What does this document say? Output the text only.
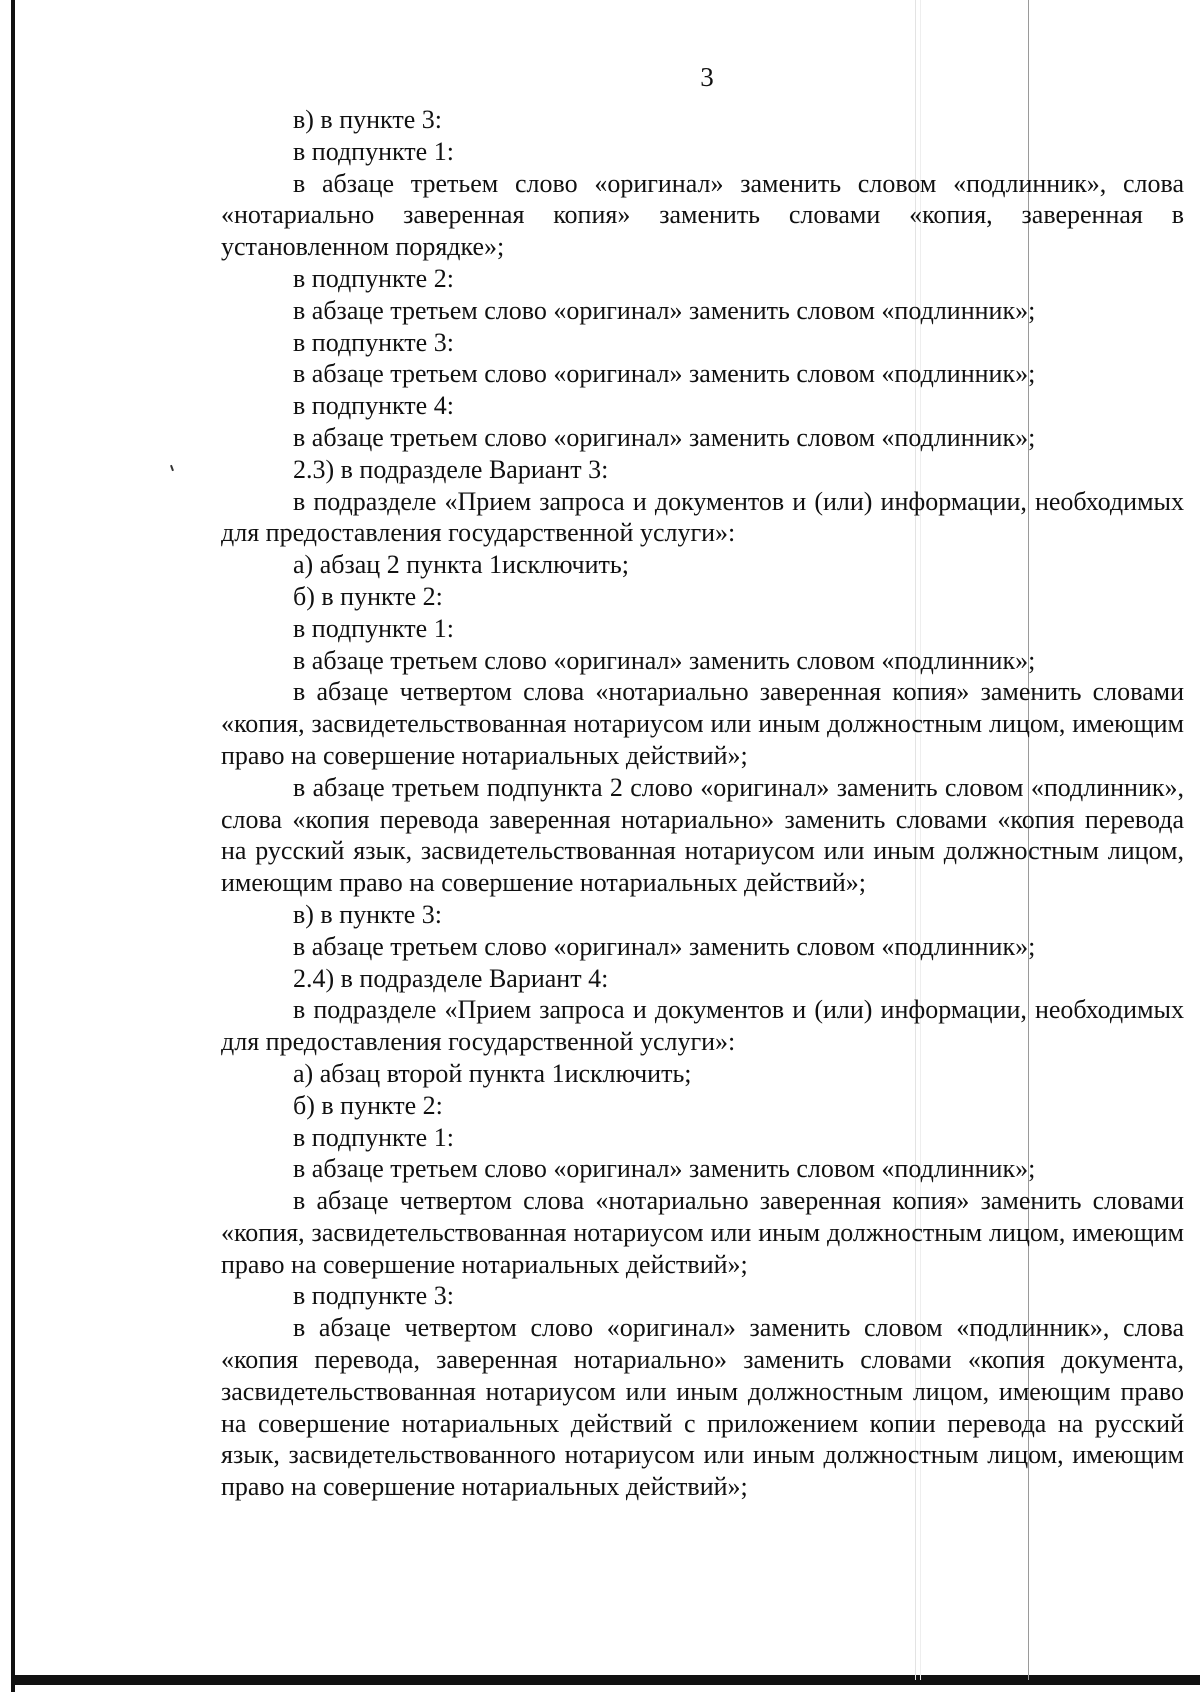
3

в) в пункте 3:

в подпункте 1:

в абзаце третьем слово «оригинал» заменить словом «подлинник», слова «нотариально заверенная копия» заменить словами «копия, заверенная в установленном порядке»;

в подпункте 2:

в абзаце третьем слово «оригинал» заменить словом «подлинник»;

в подпункте 3:

в абзаце третьем слово «оригинал» заменить словом «подлинник»;

в подпункте 4:

в абзаце третьем слово «оригинал» заменить словом «подлинник»;

2.3) в подразделе Вариант 3:

в подразделе «Прием запроса и документов и (или) информации, необходимых для предоставления государственной услуги»:

а) абзац 2 пункта 1исключить;

б) в пункте 2:

в подпункте 1:

в абзаце третьем слово «оригинал» заменить словом «подлинник»;

в абзаце четвертом слова «нотариально заверенная копия» заменить словами «копия, засвидетельствованная нотариусом или иным должностным лицом, имеющим право на совершение нотариальных действий»;

в абзаце третьем подпункта 2 слово «оригинал» заменить словом «подлинник», слова «копия перевода заверенная нотариально» заменить словами «копия перевода на русский язык, засвидетельствованная нотариусом или иным должностным лицом, имеющим право на совершение нотариальных действий»;

в) в пункте 3:

в абзаце третьем слово «оригинал» заменить словом «подлинник»;

2.4) в подразделе Вариант 4:

в подразделе «Прием запроса и документов и (или) информации, необходимых для предоставления государственной услуги»:

а) абзац второй пункта 1исключить;

б) в пункте 2:

в подпункте 1:

в абзаце третьем слово «оригинал» заменить словом «подлинник»;

в абзаце четвертом слова «нотариально заверенная копия» заменить словами «копия, засвидетельствованная нотариусом или иным должностным лицом, имеющим право на совершение нотариальных действий»;

в подпункте 3:

в абзаце четвертом слово «оригинал» заменить словом «подлинник», слова «копия перевода, заверенная нотариально» заменить словами «копия документа, засвидетельствованная нотариусом или иным должностным лицом, имеющим право на совершение нотариальных действий с приложением копии перевода на русский язык, засвидетельствованного нотариусом или иным должностным лицом, имеющим право на совершение нотариальных действий»;
